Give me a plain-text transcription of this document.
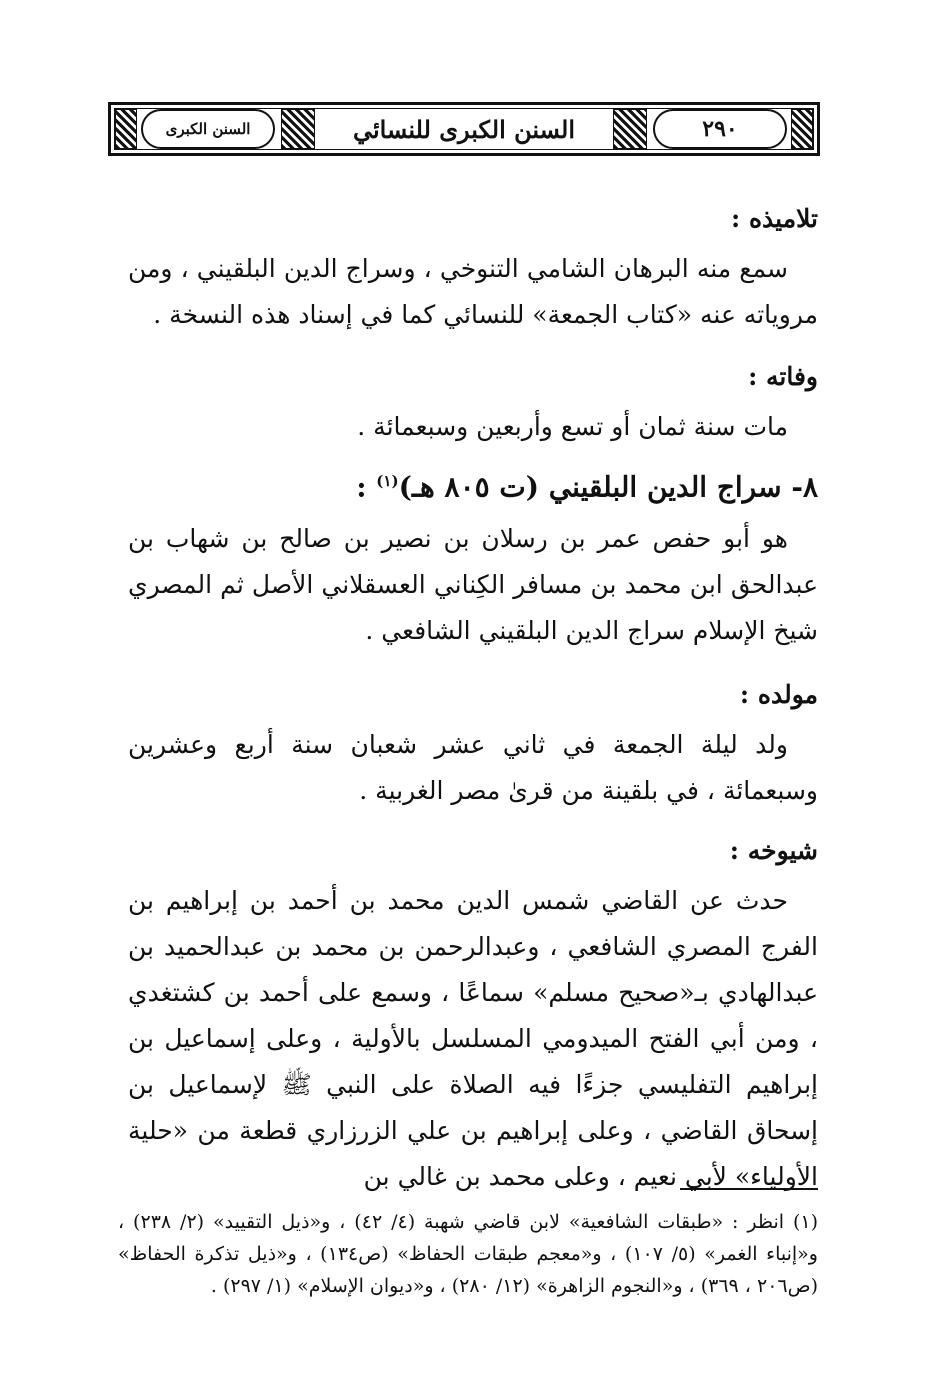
السنن الكبرى	٢٩٠
السنن الكبرى للنسائي
تلاميذه :
سمع منه البرهان الشامي التنوخي ، وسراج الدين البلقيني ، ومن مروياته عنه «كتاب الجمعة» للنسائي كما في إسناد هذه النسخة .
وفاته :
مات سنة ثمان أو تسع وأربعين وسبعمائة .
٨- سراج الدين البلقيني (ت ٨٠٥ هـ)$^{(١)}$ :
هو أبو حفص عمر بن رسلان بن نصير بن صالح بن شهاب بن عبدالحق ابن محمد بن مسافر الكِناني العسقلاني الأصل ثم المصري شيخ الإسلام سراج الدين البلقيني الشافعي .
مولده :
ولد ليلة الجمعة في ثاني عشر شعبان سنة أربع وعشرين وسبعمائة ، في بلقينة من قرىٰ مصر الغربية .
شيوخه :
حدث عن القاضي شمس الدين محمد بن أحمد بن إبراهيم بن الفرج المصري الشافعي ، وعبدالرحمن بن محمد بن عبدالحميد بن عبدالهادي بـ«صحيح مسلم» سماعًا ، وسمع على أحمد بن كشتغدي ، ومن أبي الفتح الميدومي المسلسل بالأولية ، وعلى إسماعيل بن إبراهيم التفليسي جزءًا فيه الصلاة على النبي ﷺ لإسماعيل بن إسحاق القاضي ، وعلى إبراهيم بن علي الزرزاري قطعة من «حلية الأولياء» لأبي نعيم ، وعلى محمد بن غالي بن
(١) انظر : «طبقات الشافعية» لابن قاضي شهبة (٤/ ٤٢) ، و«ذيل التقييد» (٢/ ٢٣٨) ، و«إنباء الغمر» (٥/ ١٠٧) ، و«معجم طبقات الحفاظ» (ص١٣٤) ، و«ذيل تذكرة الحفاظ» (ص٢٠٦ ، ٣٦٩) ، و«النجوم الزاهرة» (١٢/ ٢٨٠) ، و«ديوان الإسلام» (١/ ٢٩٧) .
